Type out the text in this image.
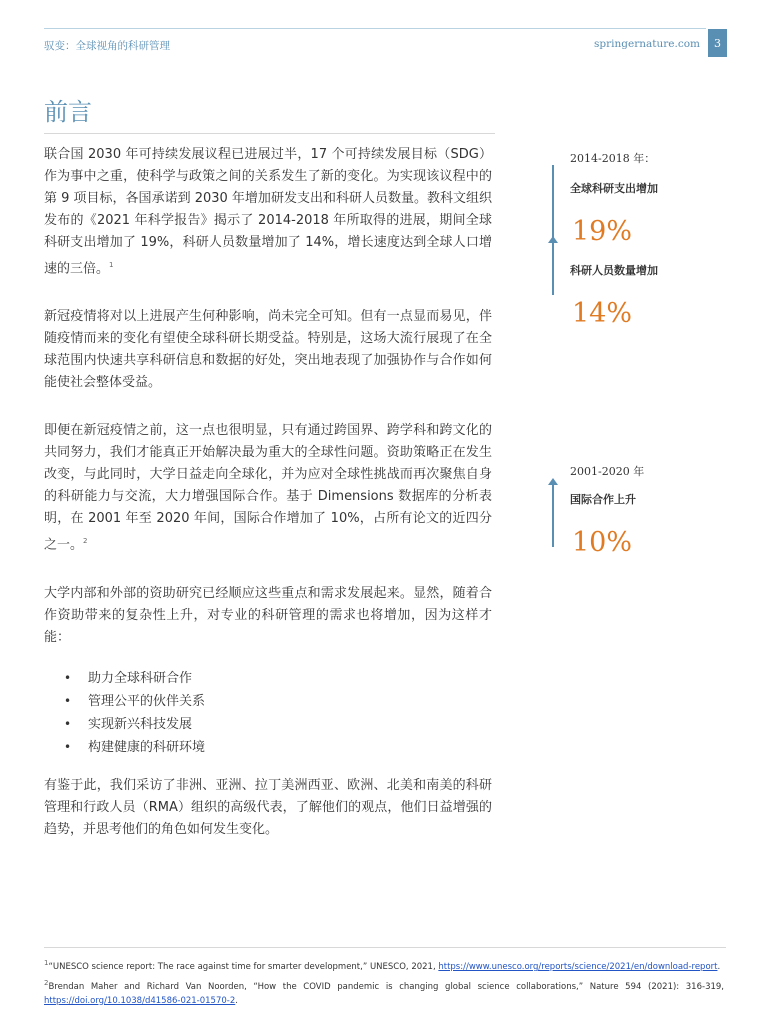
驭变：全球视角的科研管理	springernature.com	3
前言

联合国 2030 年可持续发展议程已进展过半，17 个可持续发展目标（SDG）作为事中之重，使科学与政策之间的关系发生了新的变化。为实现该议程中的第 9 项目标，各国承诺到 2030 年增加研发支出和科研人员数量。教科文组织发布的《2021 年科学报告》揭示了 2014-2018 年所取得的进展，期间全球科研支出增加了 19%，科研人员数量增加了 14%，增长速度达到全球人口增速的三倍。$^1$

新冠疫情将对以上进展产生何种影响，尚未完全可知。但有一点显而易见，伴随疫情而来的变化有望使全球科研长期受益。特别是，这场大流行展现了在全球范围内快速共享科研信息和数据的好处，突出地表现了加强协作与合作如何能使社会整体受益。

即便在新冠疫情之前，这一点也很明显，只有通过跨国界、跨学科和跨文化的共同努力，我们才能真正开始解决最为重大的全球性问题。资助策略正在发生改变，与此同时，大学日益走向全球化，并为应对全球性挑战而再次聚焦自身的科研能力与交流，大力增强国际合作。基于 Dimensions 数据库的分析表明，在 2001 年至 2020 年间，国际合作增加了 10%，占所有论文的近四分之一。$^2$

大学内部和外部的资助研究已经顺应这些重点和需求发展起来。显然，随着合作资助带来的复杂性上升，对专业的科研管理的需求也将增加，因为这样才能：

• 助力全球科研合作
• 管理公平的伙伴关系
• 实现新兴科技发展
• 构建健康的科研环境

有鉴于此，我们采访了非洲、亚洲、拉丁美洲西亚、欧洲、北美和南美的科研管理和行政人员（RMA）组织的高级代表，了解他们的观点，他们日益增强的趋势，并思考他们的角色如何发生变化。

2014-2018 年：
全球科研支出增加
19%
科研人员数量增加
14%
2001-2020 年
国际合作上升
10%

$^1$“UNESCO science report: The race against time for smarter development,” UNESCO, 2021, https://www.unesco.org/reports/science/2021/en/download-report.

$^2$Brendan Maher and Richard Van Noorden, “How the COVID pandemic is changing global science collaborations,” Nature 594 (2021): 316-319, https://doi.org/10.1038/d41586-021-01570-2.
